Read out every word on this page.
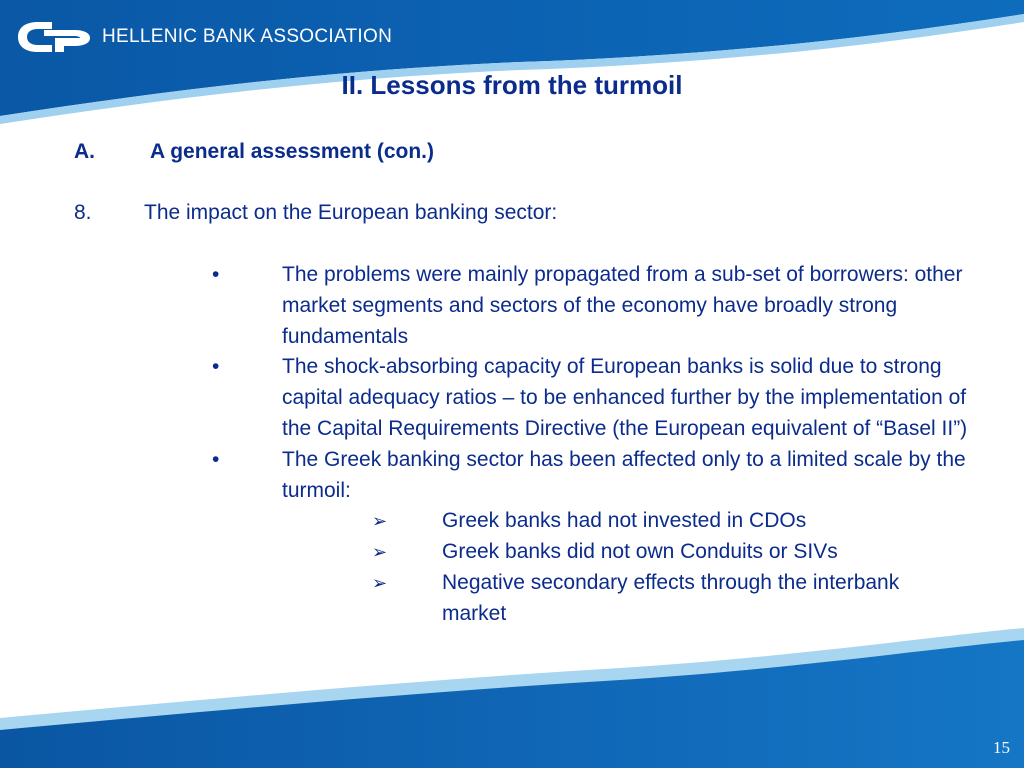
HELLENIC BANK ASSOCIATION
II. Lessons from the turmoil
A.	A general assessment (con.)
8. The impact on the European banking sector:
•	The problems were mainly propagated from a sub-set of borrowers: other market segments and sectors of the economy have broadly strong fundamentals
•	The shock-absorbing capacity of European banks is solid due to strong capital adequacy ratios – to be enhanced further by the implementation of the Capital Requirements Directive (the European equivalent of “Basel II”)
•	The Greek banking sector has been affected only to a limited scale by the turmoil:
➢	Greek banks had not invested in CDOs
➢	Greek banks did not own Conduits or SIVs
➢	Negative secondary effects through the interbank market
15
